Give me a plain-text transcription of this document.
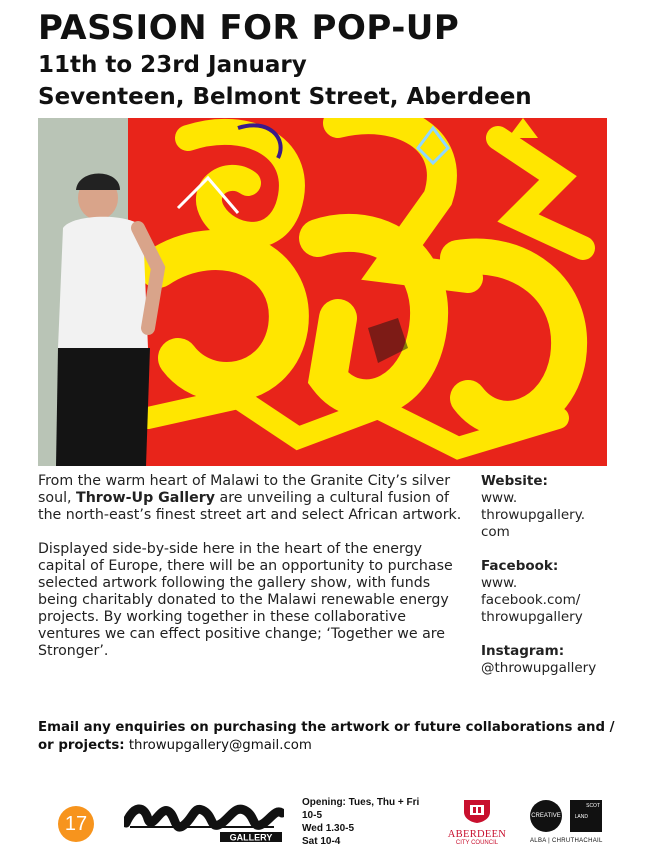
PASSION FOR POP-UP
11th to 23rd January
Seventeen, Belmont Street, Aberdeen

From the warm heart of Malawi to the Granite City’s silver soul, Throw-Up Gallery are unveiling a cultural fusion of the north-east’s finest street art and select African artwork.

Displayed side-by-side here in the heart of the energy capital of Europe, there will be an opportunity to purchase selected artwork following the gallery show, with funds being charitably donated to the Malawi renewable energy projects. By working together in these collaborative ventures we can effect positive change; ‘Together we are Stronger’.

Website:
www.
throwupgallery.
com
Facebook:
www.
facebook.com/
throwupgallery
Instagram:
@throwupgallery
Email any enquiries on purchasing the artwork or future collaborations and / or projects: throwupgallery@gmail.com
17
GALLERY
Opening: Tues, Thu + Fri
10-5
Wed 1.30-5
Sat 10-4
ABERDEEN
CITY COUNCIL
CREATIVE
SCOT
LAND
ALBA | CHRUTHACHAIL
